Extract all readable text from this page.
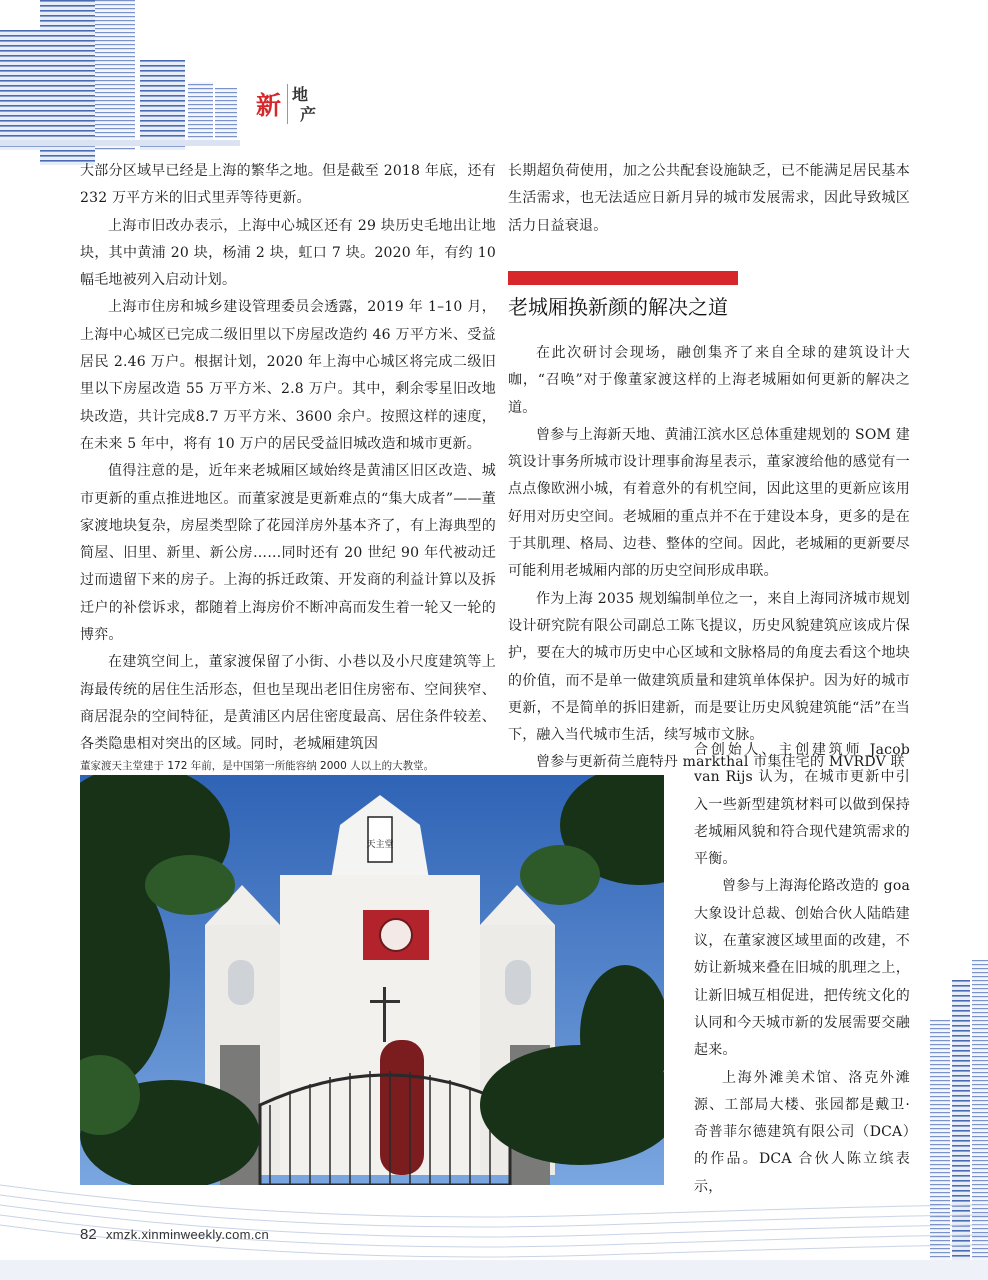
新 地
产

大部分区域早已经是上海的繁华之地。但是截至 2018 年底，还有 232 万平方米的旧式里弄等待更新。

上海市旧改办表示，上海中心城区还有 29 块历史毛地出让地块，其中黄浦 20 块，杨浦 2 块，虹口 7 块。2020 年，有约 10 幅毛地被列入启动计划。

上海市住房和城乡建设管理委员会透露，2019 年 1–10 月，上海中心城区已完成二级旧里以下房屋改造约 46 万平方米、受益居民 2.46 万户。根据计划，2020 年上海中心城区将完成二级旧里以下房屋改造 55 万平方米、2.8 万户。其中，剩余零星旧改地块改造，共计完成8.7 万平方米、3600 余户。按照这样的速度，在未来 5 年中，将有 10 万户的居民受益旧城改造和城市更新。

值得注意的是，近年来老城厢区域始终是黄浦区旧区改造、城市更新的重点推进地区。而董家渡是更新难点的“集大成者”——董家渡地块复杂，房屋类型除了花园洋房外基本齐了，有上海典型的简屋、旧里、新里、新公房……同时还有 20 世纪 90 年代被动迁过而遗留下来的房子。上海的拆迁政策、开发商的利益计算以及拆迁户的补偿诉求，都随着上海房价不断冲高而发生着一轮又一轮的博弈。

在建筑空间上，董家渡保留了小街、小巷以及小尺度建筑等上海最传统的居住生活形态，但也呈现出老旧住房密布、空间狭窄、商居混杂的空间特征，是黄浦区内居住密度最高、居住条件较差、各类隐患相对突出的区域。同时，老城厢建筑因

长期超负荷使用，加之公共配套设施缺乏，已不能满足居民基本生活需求，也无法适应日新月异的城市发展需求，因此导致城区活力日益衰退。

老城厢换新颜的解决之道

在此次研讨会现场，融创集齐了来自全球的建筑设计大咖，“召唤”对于像董家渡这样的上海老城厢如何更新的解决之道。

曾参与上海新天地、黄浦江滨水区总体重建规划的 SOM 建筑设计事务所城市设计理事俞海星表示，董家渡给他的感觉有一点点像欧洲小城，有着意外的有机空间，因此这里的更新应该用好用对历史空间。老城厢的重点并不在于建设本身，更多的是在于其肌理、格局、边巷、整体的空间。因此，老城厢的更新要尽可能利用老城厢内部的历史空间形成串联。

作为上海 2035 规划编制单位之一，来自上海同济城市规划设计研究院有限公司副总工陈飞提议，历史风貌建筑应该成片保护，要在大的城市历史中心区域和文脉格局的角度去看这个地块的价值，而不是单一做建筑质量和建筑单体保护。因为好的城市更新，不是简单的拆旧建新，而是要让历史风貌建筑能“活”在当下，融入当代城市生活，续写城市文脉。

曾参与更新荷兰鹿特丹 markthal 市集住宅的 MVRDV 联

合创始人、主创建筑师 Jacob van Rijs 认为，在城市更新中引入一些新型建筑材料可以做到保持老城厢风貌和符合现代建筑需求的平衡。

曾参与上海海伦路改造的 goa 大象设计总裁、创始合伙人陆皓建议，在董家渡区域里面的改建，不妨让新城来叠在旧城的肌理之上，让新旧城互相促进，把传统文化的认同和今天城市新的发展需要交融起来。

上海外滩美术馆、洛克外滩源、工部局大楼、张园都是戴卫·奇普菲尔德建筑有限公司（DCA）的作品。DCA 合伙人陈立缤表示，

董家渡天主堂建于 172 年前，是中国第一所能容纳 2000 人以上的大教堂。
天主堂
82 xmzk.xinminweekly.com.cn
